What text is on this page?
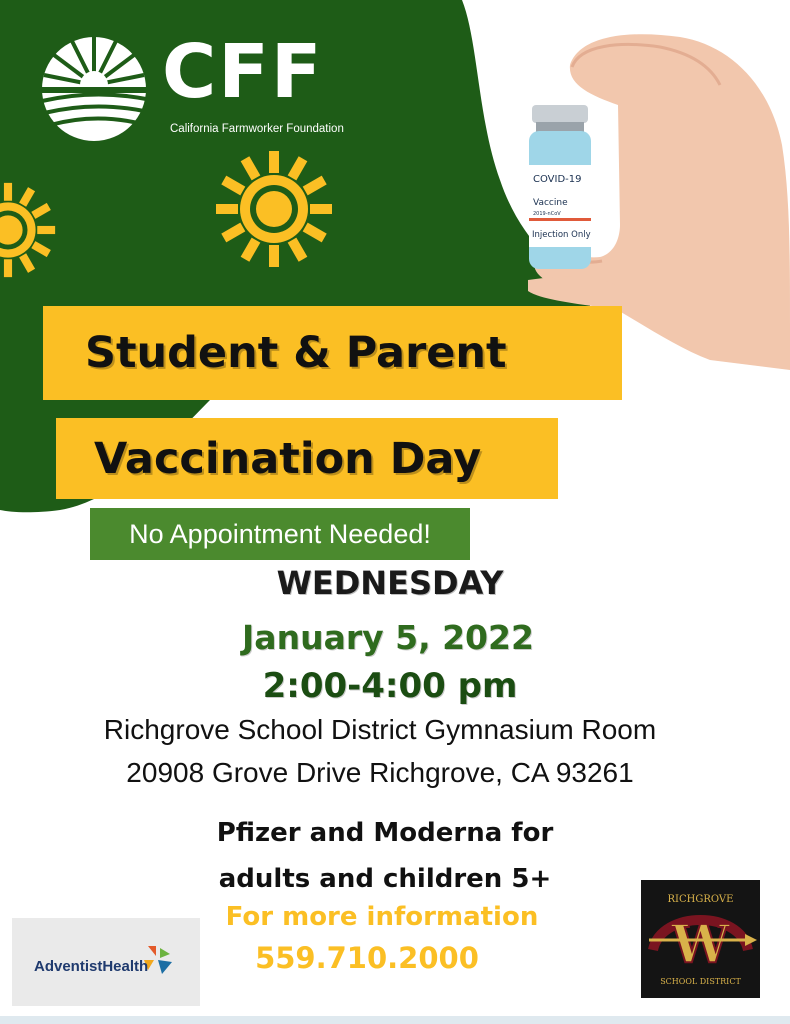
CFF
California Farmworker Foundation
COVID-19
Vaccine
2019-nCoV
Injection Only
Student & Parent
Vaccination Day
No Appointment Needed!
WEDNESDAY
January 5, 2022
2:00-4:00 pm
Richgrove School District Gymnasium Room
20908 Grove Drive Richgrove, CA 93261
Pfizer and Moderna for
adults and children 5+
For more information
559.710.2000
AdventistHealth
RICHGROVE
W
SCHOOL DISTRICT
